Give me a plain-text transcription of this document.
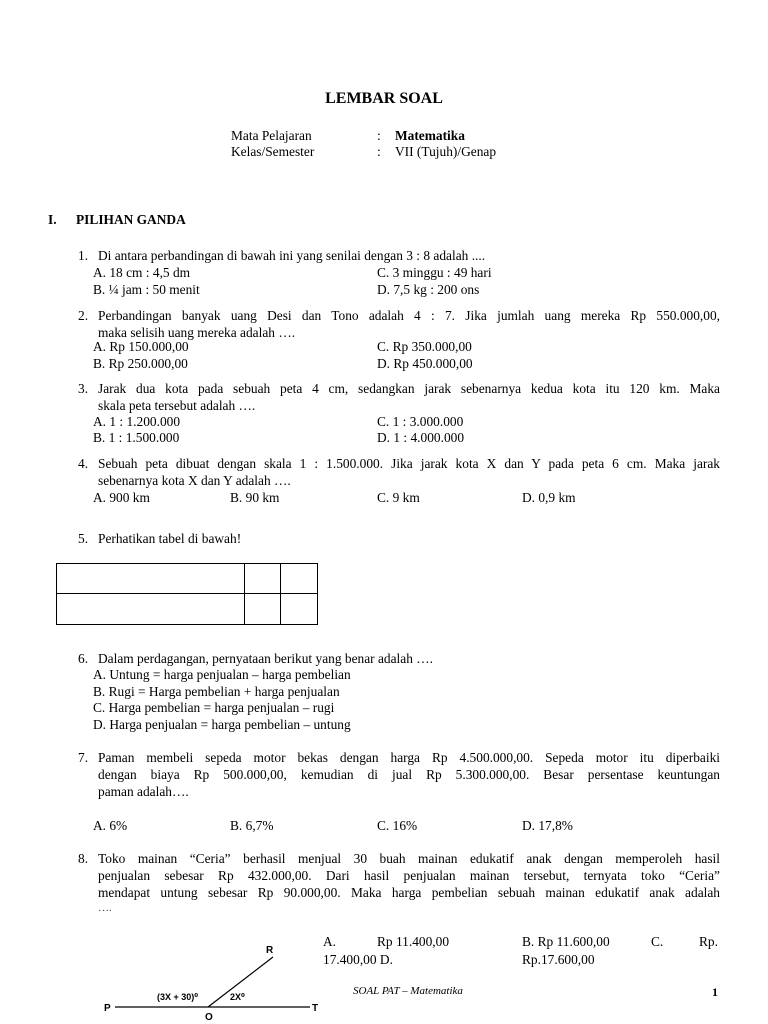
LEMBAR SOAL
Mata Pelajaran	: Matematika
Kelas/Semester	: VII (Tujuh)/Genap
I. PILIHAN GANDA
1. Di antara perbandingan di bawah ini yang senilai dengan 3 : 8 adalah ....
A. 18 cm : 4,5 dm	C. 3 minggu : 49 hari
B. ¼ jam : 50 menit	D. 7,5 kg : 200 ons
2. Perbandingan banyak uang Desi dan Tono adalah 4 : 7. Jika jumlah uang mereka Rp 550.000,00,
maka selisih uang mereka adalah ….
A. Rp 150.000,00	C. Rp 350.000,00
B. Rp 250.000,00	D. Rp 450.000,00
3. Jarak dua kota pada sebuah peta 4 cm, sedangkan jarak sebenarnya kedua kota itu 120 km. Maka
skala peta tersebut adalah ….
A. 1 : 1.200.000	C. 1 : 3.000.000
B. 1 : 1.500.000	D. 1 : 4.000.000
4. Sebuah peta dibuat dengan skala 1 : 1.500.000. Jika jarak kota X dan Y pada peta 6 cm. Maka jarak
sebenarnya kota X dan Y adalah ….
A. 900 km	B. 90 km	C. 9 km	D. 0,9 km
5. Perhatikan tabel di bawah!

6. Dalam perdagangan, pernyataan berikut yang benar adalah ….
A. Untung = harga penjualan – harga pembelian
B. Rugi = Harga pembelian + harga penjualan
C. Harga pembelian = harga penjualan – rugi
D. Harga penjualan = harga pembelian – untung
7. Paman membeli sepeda motor bekas dengan harga Rp 4.500.000,00. Sepeda motor itu diperbaiki
dengan biaya Rp 500.000,00, kemudian di jual Rp 5.300.000,00. Besar persentase keuntungan
paman adalah….
A. 6%	B. 6,7%	C. 16%	D. 17,8%
8. Toko mainan “Ceria” berhasil menjual 30 buah mainan edukatif anak dengan memperoleh hasil
penjualan sebesar Rp 432.000,00. Dari hasil penjualan mainan tersebut, ternyata toko “Ceria”
mendapat untung sebesar Rp 90.000,00. Maka harga pembelian sebuah mainan edukatif anak adalah
….
A.	Rp 11.400,00	B. Rp 11.600,00	C.	Rp.
17.400,00 D.	Rp.17.600,00
R
P
O
T
(3X + 30)⁰	2X⁰	SOAL PAT – Matematika	1
